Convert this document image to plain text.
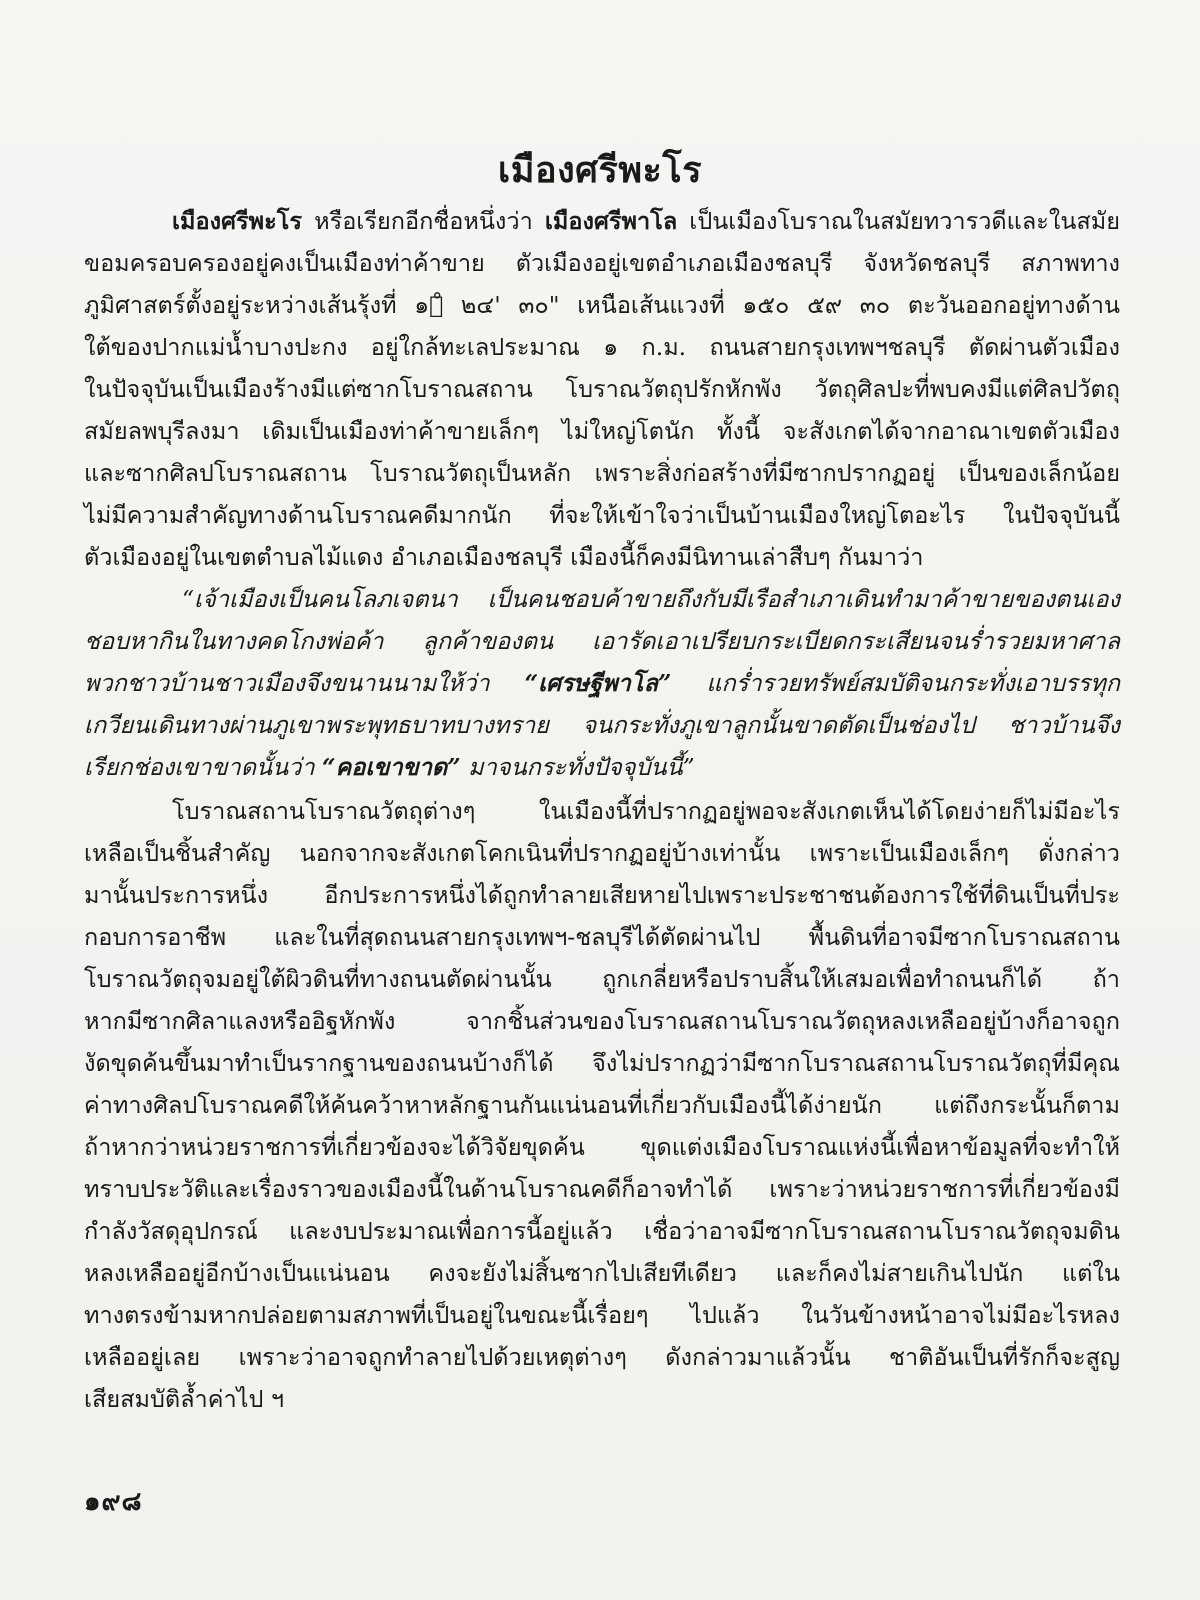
เมืองศรีพะโร
เมืองศรีพะโร หรือเรียกอีกชื่อหนึ่งว่า เมืองศรีพาโล เป็นเมืองโบราณในสมัยทวารวดีและในสมัย
ขอมครอบครองอยู่คงเป็นเมืองท่าค้าขาย ตัวเมืองอยู่เขตอำเภอเมืองชลบุรี จังหวัดชลบุรี สภาพทาง
ภูมิศาสตร์ตั้งอยู่ระหว่างเส้นรุ้งที่ ๑๓̊ ๒๔' ๓๐" เหนือเส้นแวงที่ ๑๕๐ ๕๙ ๓๐ ตะวันออกอยู่ทางด้าน
ใต้ของปากแม่น้ำบางปะกง อยู่ใกล้ทะเลประมาณ ๑ ก.ม. ถนนสายกรุงเทพฯชลบุรี ตัดผ่านตัวเมือง
ในปัจจุบันเป็นเมืองร้างมีแต่ซากโบราณสถาน โบราณวัตถุปรักหักพัง วัตถุศิลปะที่พบคงมีแต่ศิลปวัตถุ
สมัยลพบุรีลงมา เดิมเป็นเมืองท่าค้าขายเล็กๆ ไม่ใหญ่โตนัก ทั้งนี้ จะสังเกตได้จากอาณาเขตตัวเมือง
และซากศิลปโบราณสถาน โบราณวัตถุเป็นหลัก เพราะสิ่งก่อสร้างที่มีซากปรากฏอยู่ เป็นของเล็กน้อย
ไม่มีความสำคัญทางด้านโบราณคดีมากนัก ที่จะให้เข้าใจว่าเป็นบ้านเมืองใหญ่โตอะไร ในปัจจุบันนี้
ตัวเมืองอยู่ในเขตตำบลไม้แดง อำเภอเมืองชลบุรี เมืองนี้ก็คงมีนิทานเล่าสืบๆ กันมาว่า
“เจ้าเมืองเป็นคนโลภเจตนา เป็นคนชอบค้าขายถึงกับมีเรือสำเภาเดินทำมาค้าขายของตนเอง
ชอบหากินในทางคดโกงพ่อค้า ลูกค้าของตน เอารัดเอาเปรียบกระเบียดกระเสียนจนร่ำรวยมหาศาล
พวกชาวบ้านชาวเมืองจึงขนานนามให้ว่า “เศรษฐีพาโล” แกร่ำรวยทรัพย์สมบัติจนกระทั่งเอาบรรทุก
เกวียนเดินทางผ่านภูเขาพระพุทธบาทบางทราย จนกระทั่งภูเขาลูกนั้นขาดตัดเป็นช่องไป ชาวบ้านจึง
เรียกช่องเขาขาดนั้นว่า “คอเขาขาด” มาจนกระทั่งปัจจุบันนี้”
โบราณสถานโบราณวัตถุต่างๆ ในเมืองนี้ที่ปรากฏอยู่พอจะสังเกตเห็นได้โดยง่ายก็ไม่มีอะไร
เหลือเป็นชิ้นสำคัญ นอกจากจะสังเกตโคกเนินที่ปรากฏอยู่บ้างเท่านั้น เพราะเป็นเมืองเล็กๆ ดั่งกล่าว
มานั้นประการหนึ่ง อีกประการหนึ่งได้ถูกทำลายเสียหายไปเพราะประชาชนต้องการใช้ที่ดินเป็นที่ประ
กอบการอาชีพ และในที่สุดถนนสายกรุงเทพฯ-ชลบุรีได้ตัดผ่านไป พื้นดินที่อาจมีซากโบราณสถาน
โบราณวัตถุจมอยู่ใต้ผิวดินที่ทางถนนตัดผ่านนั้น ถูกเกลี่ยหรือปราบสิ้นให้เสมอเพื่อทำถนนก็ได้ ถ้า
หากมีซากศิลาแลงหรืออิฐหักพัง จากชิ้นส่วนของโบราณสถานโบราณวัตถุหลงเหลืออยู่บ้างก็อาจถูก
งัดขุดค้นขึ้นมาทำเป็นรากฐานของถนนบ้างก็ได้ จึงไม่ปรากฏว่ามีซากโบราณสถานโบราณวัตถุที่มีคุณ
ค่าทางศิลปโบราณคดีให้ค้นคว้าหาหลักฐานกันแน่นอนที่เกี่ยวกับเมืองนี้ได้ง่ายนัก แต่ถึงกระนั้นก็ตาม
ถ้าหากว่าหน่วยราชการที่เกี่ยวข้องจะได้วิจัยขุดค้น ขุดแต่งเมืองโบราณแห่งนี้เพื่อหาข้อมูลที่จะทำให้
ทราบประวัติและเรื่องราวของเมืองนี้ในด้านโบราณคดีก็อาจทำได้ เพราะว่าหน่วยราชการที่เกี่ยวข้องมี
กำลังวัสดุอุปกรณ์ และงบประมาณเพื่อการนี้อยู่แล้ว เชื่อว่าอาจมีซากโบราณสถานโบราณวัตถุจมดิน
หลงเหลืออยู่อีกบ้างเป็นแน่นอน คงจะยังไม่สิ้นซากไปเสียทีเดียว และก็คงไม่สายเกินไปนัก แต่ใน
ทางตรงข้ามหากปล่อยตามสภาพที่เป็นอยู่ในขณะนี้เรื่อยๆ ไปแล้ว ในวันข้างหน้าอาจไม่มีอะไรหลง
เหลืออยู่เลย เพราะว่าอาจถูกทำลายไปด้วยเหตุต่างๆ ดังกล่าวมาแล้วนั้น ชาติอันเป็นที่รักก็จะสูญ
เสียสมบัติล้ำค่าไป ฯ
๑๙๘
